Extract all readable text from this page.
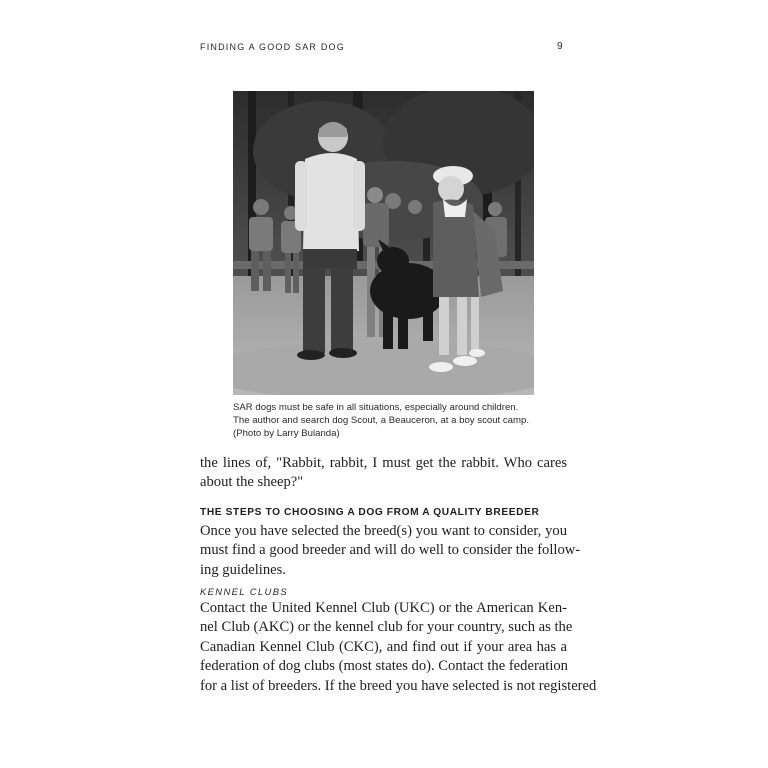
FINDING A GOOD SAR DOG	9
SAR dogs must be safe in all situations, especially around children.
The author and search dog Scout, a Beauceron, at a boy scout camp.
(Photo by Larry Bulanda)
the lines of, "Rabbit, rabbit, I must get the rabbit. Who cares
about the sheep?"
THE STEPS TO CHOOSING A DOG FROM A QUALITY BREEDER
Once you have selected the breed(s) you want to consider, you
must find a good breeder and will do well to consider the follow-
ing guidelines.
KENNEL CLUBS
Contact the United Kennel Club (UKC) or the American Ken-
nel Club (AKC) or the kennel club for your country, such as the
Canadian Kennel Club (CKC), and find out if your area has a
federation of dog clubs (most states do). Contact the federation
for a list of breeders. If the breed you have selected is not registered
